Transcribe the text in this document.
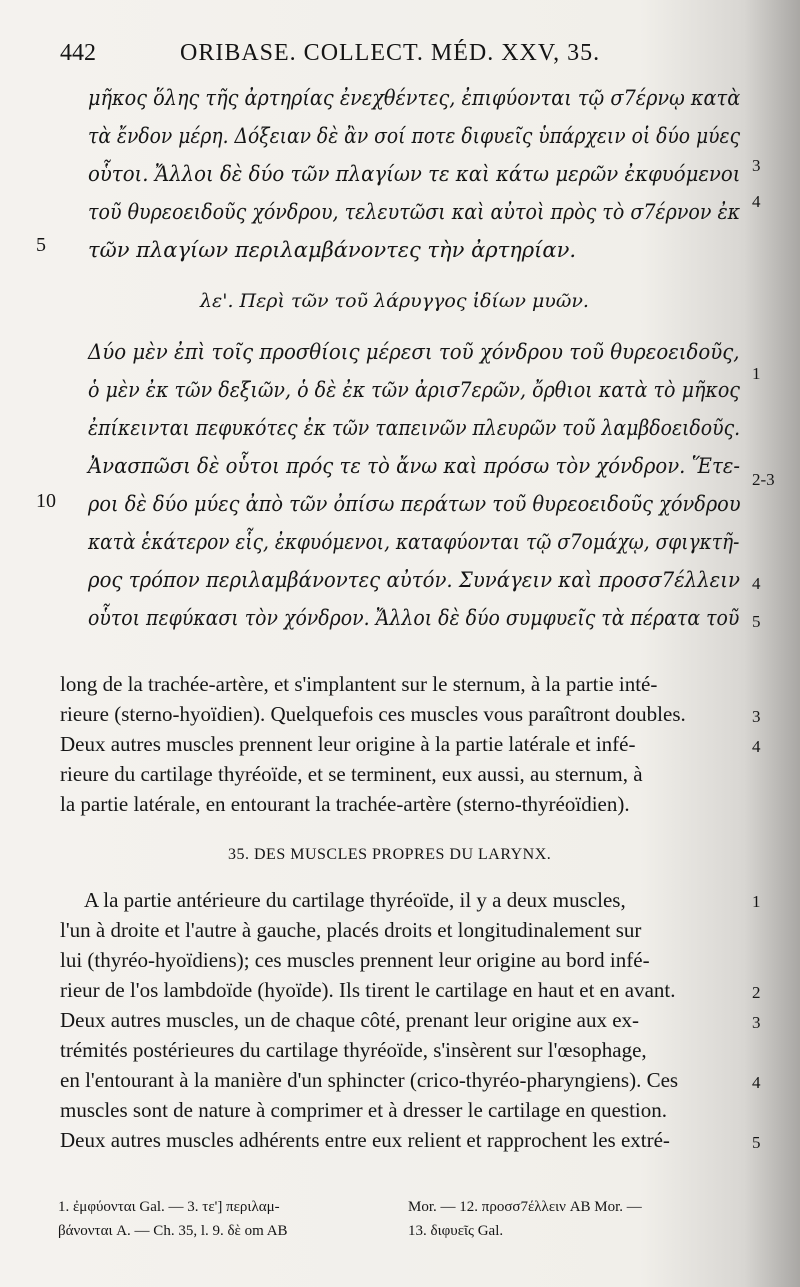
442	ORIBASE. COLLECT. MÉD. XXV, 35.
μῆκος ὅλης τῆς ἀρτηρίας ἐνεχθέντες, ἐπιφύονται τῷ σ7έρνῳ κατὰ
τὰ ἔνδον μέρη. Δόξειαν δὲ ἂν σοί ποτε διφυεῖς ὑπάρχειν οἱ δύο μύες
οὗτοι. Ἄλλοι δὲ δύο τῶν πλαγίων τε καὶ κάτω μερῶν ἐκφυόμενοι
τοῦ θυρεοειδοῦς χόνδρου, τελευτῶσι καὶ αὐτοὶ πρὸς τὸ σ7έρνον ἐκ
τῶν πλαγίων περιλαμβάνοντες τὴν ἀρτηρίαν.
5
3
4
λε'. Περὶ τῶν τοῦ λάρυγγος ἰδίων μυῶν.
Δύο μὲν ἐπὶ τοῖς προσθίοις μέρεσι τοῦ χόνδρου τοῦ θυρεοειδοῦς,
ὁ μὲν ἐκ τῶν δεξιῶν, ὁ δὲ ἐκ τῶν ἀρισ7ερῶν, ὄρθιοι κατὰ τὸ μῆκος
ἐπίκεινται πεφυκότες ἐκ τῶν ταπεινῶν πλευρῶν τοῦ λαμβδοειδοῦς.
Ἀνασπῶσι δὲ οὗτοι πρός τε τὸ ἄνω καὶ πρόσω τὸν χόνδρον. Ἕτε-
ροι δὲ δύο μύες ἀπὸ τῶν ὀπίσω περάτων τοῦ θυρεοειδοῦς χόνδρου
κατὰ ἑκάτερον εἷς, ἐκφυόμενοι, καταφύονται τῷ σ7ομάχῳ, σφιγκτῆ-
ρος τρόπον περιλαμβάνοντες αὐτόν. Συνάγειν καὶ προσσ7έλλειν
οὗτοι πεφύκασι τὸν χόνδρον. Ἄλλοι δὲ δύο συμφυεῖς τὰ πέρατα τοῦ
10
1
2-3
4
5
long de la trachée-artère, et s'implantent sur le sternum, à la partie inté-
rieure (sterno-hyoïdien). Quelquefois ces muscles vous paraîtront doubles.
Deux autres muscles prennent leur origine à la partie latérale et infé-
rieure du cartilage thyréoïde, et se terminent, eux aussi, au sternum, à
la partie latérale, en entourant la trachée-artère (sterno-thyréoïdien).
3
4
35. DES MUSCLES PROPRES DU LARYNX.
A la partie antérieure du cartilage thyréoïde, il y a deux muscles,
l'un à droite et l'autre à gauche, placés droits et longitudinalement sur
lui (thyréo-hyoïdiens); ces muscles prennent leur origine au bord infé-
rieur de l'os lambdoïde (hyoïde). Ils tirent le cartilage en haut et en avant.
Deux autres muscles, un de chaque côté, prenant leur origine aux ex-
trémités postérieures du cartilage thyréoïde, s'insèrent sur l'œsophage,
en l'entourant à la manière d'un sphincter (crico-thyréo-pharyngiens). Ces
muscles sont de nature à comprimer et à dresser le cartilage en question.
Deux autres muscles adhérents entre eux relient et rapprochent les extré-
1
2
3
4
5
1. ἐμφύονται Gal. — 3. τε'] περιλαμ-
βάνονται A. — Ch. 35, l. 9. δὲ om AB
Mor. — 12. προσσ7έλλειν AB Mor. —
13. διφυεῖς Gal.
